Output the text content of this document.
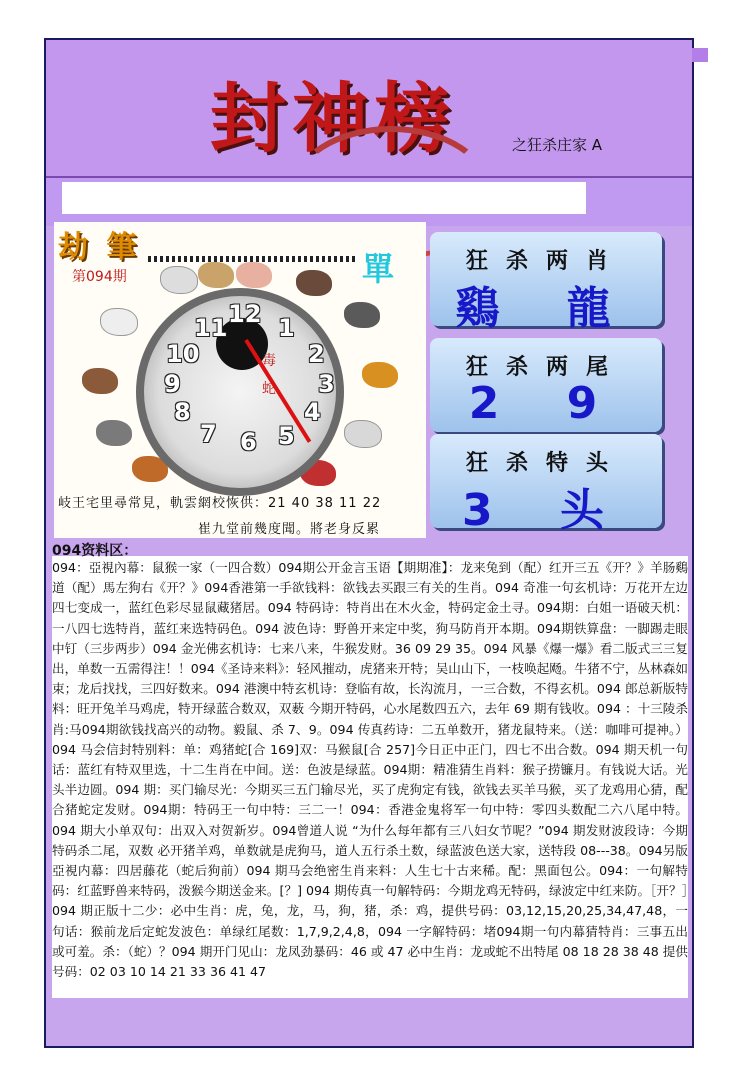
封神榜	之狂杀庄家 A
劫 筆
單
第094期
12 1
2
3
4
5
6
7
8
9
10
11
毒
蛇
岐王宅里尋常見，軌雲網校恢供：21 40 38 11 22
崔九堂前幾度聞。將老身反累
狂杀两肖
鷄 龍
狂杀两尾
2 9
狂杀特头
3 头
094资料区：
094：亞視內幕：鼠猴一家（一四合数）094期公开金言玉语【期期准】：龙来兔到（配）红开三五《开？》羊肠鷄道（配）馬左狗右《开？》094香港第一手欲钱料：欲钱去买跟三有关的生肖。094 奇准一句玄机诗：万花开左边四七变成一，蓝红色彩尽显鼠藏猪居。094 特码诗：特肖出在木火金，特码定金土寻。094期：白姐一语破天机：一八四七选特肖，蓝红来选特码色。094 波色诗：野兽开来定中奖，狗马防肖开本期。094期铁算盘：一脚踢走眼中钉（三步两步）094 金光佛玄机诗：七来八来，牛猴发财。36 09 29 35。094 风暴《爆一爆》看二版式三三复出，单数一五需得注！！094《圣诗来料》：轻风摧动，虎猪来开特；吴山山下，一枝唤起飏。牛猪不宁，丛林森如束；龙后找找，三四好数来。094 港澳中特玄机诗：登临有故，长沟流月，一三合数，不得玄机。094 郎总新版特料：旺开兔羊马鸡虎，特开绿蓝合数双，双薮 今期开特码，心水尾数四五六，去年 69 期有钱收。094 ：十三陵杀肖:马094期欲钱找高兴的动物。毅鼠、杀 7、9。094 传真药诗：二五单数开，猪龙鼠特来。（送：咖啡可提神。）094 马会信封特别料：单：鸡猪蛇[合 169]双：马猴鼠[合 257]今日正中正门，四七不出合数。094 期天机一句话：蓝红有特双里选，十二生肖在中间。送：色波是绿蓝。094期：精准猜生肖料：猴子捞镰月。有钱说大话。光头半边圆。094 期：买门输尽光：今期买三五门输尽光，买了虎狗定有钱，欲钱去买羊马猴，买了龙鸡用心猜，配合猪蛇定发财。094期：特码王一句中特：三二一！094：香港金鬼将军一句中特：零四头数配二六八尾中特。094 期大小单双句：出双入对贺新岁。094曾道人说 “为什么每年都有三八妇女节呢？”094 期发财波段诗：今期特码杀二尾，双数 必开猪羊鸡，单数就是虎狗马，道人五行杀土数，绿蓝波色送大家，送特段 08---38。094另版亞視内幕：四居藤花（蛇后狗前）094 期马会绝密生肖来料：人生七十古来稀。配：黑面包公。094：一句解特码：红蓝野兽来特码，泼猴今期送金来。[？] 094 期传真一句解特码：今期龙鸡无特码，绿波定中红来防。［开？］094 期正版十二少：必中生肖：虎，兔，龙，马，狗，猪，杀：鸡，提供号码：03,12,15,20,25,34,47,48，一句话：猴前龙后定蛇发波色：单绿红尾数：1,7,9,2,4,8，094 一字解特码：堵094期一句内幕猜特肖：三事五出或可羞。杀：（蛇）？094 期开门见山：龙凤劲暴码：46 或 47 必中生肖：龙或蛇不出特尾 08 18 28 38 48 提供号码：02 03 10 14 21 33 36 41 47
